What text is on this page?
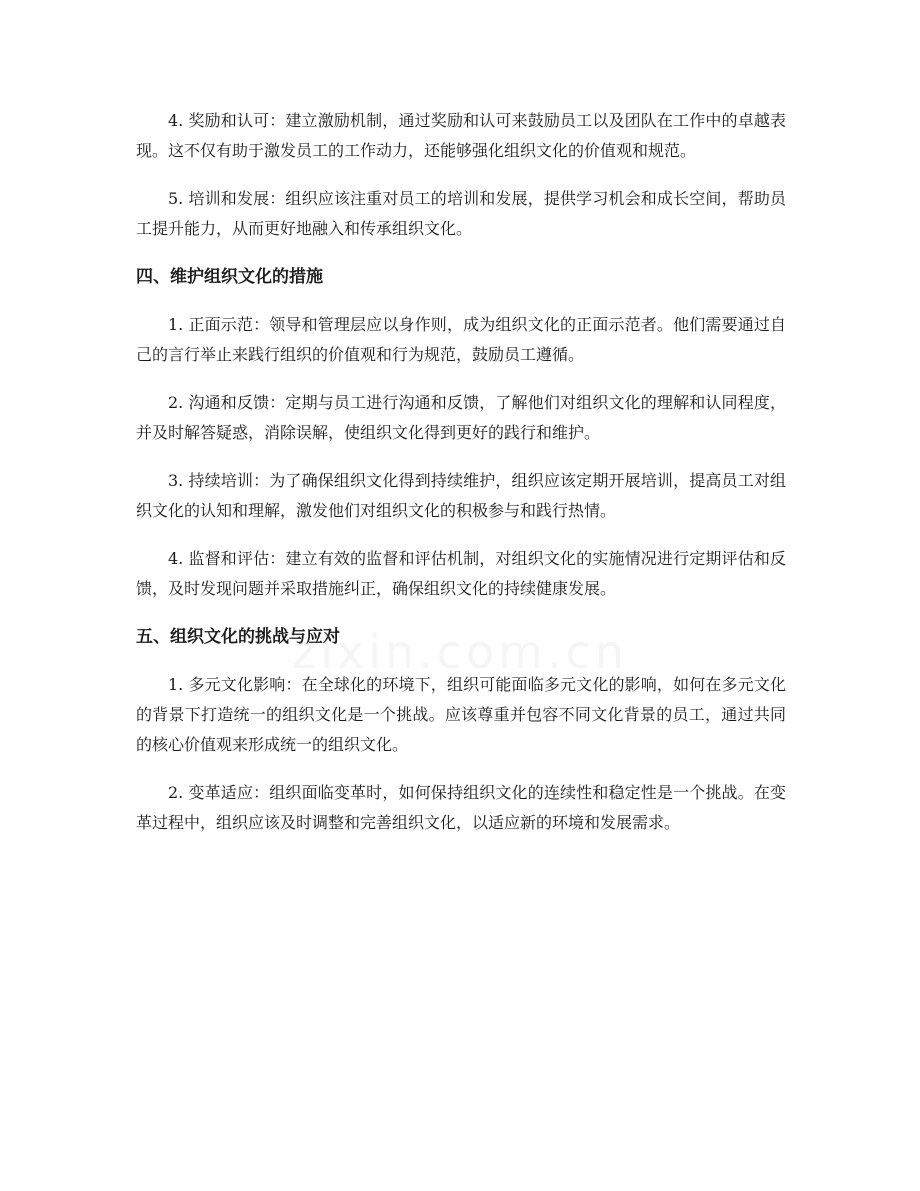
4. 奖励和认可：建立激励机制，通过奖励和认可来鼓励员工以及团队在工作中的卓越表现。这不仅有助于激发员工的工作动力，还能够强化组织文化的价值观和规范。

5. 培训和发展：组织应该注重对员工的培训和发展，提供学习机会和成长空间，帮助员工提升能力，从而更好地融入和传承组织文化。

四、维护组织文化的措施

1. 正面示范：领导和管理层应以身作则，成为组织文化的正面示范者。他们需要通过自己的言行举止来践行组织的价值观和行为规范，鼓励员工遵循。

2. 沟通和反馈：定期与员工进行沟通和反馈，了解他们对组织文化的理解和认同程度，并及时解答疑惑，消除误解，使组织文化得到更好的践行和维护。

3. 持续培训：为了确保组织文化得到持续维护，组织应该定期开展培训，提高员工对组织文化的认知和理解，激发他们对组织文化的积极参与和践行热情。

4. 监督和评估：建立有效的监督和评估机制，对组织文化的实施情况进行定期评估和反馈，及时发现问题并采取措施纠正，确保组织文化的持续健康发展。

五、组织文化的挑战与应对

1. 多元文化影响：在全球化的环境下，组织可能面临多元文化的影响，如何在多元文化的背景下打造统一的组织文化是一个挑战。应该尊重并包容不同文化背景的员工，通过共同的核心价值观来形成统一的组织文化。

2. 变革适应：组织面临变革时，如何保持组织文化的连续性和稳定性是一个挑战。在变革过程中，组织应该及时调整和完善组织文化，以适应新的环境和发展需求。

zixin.com.cn
